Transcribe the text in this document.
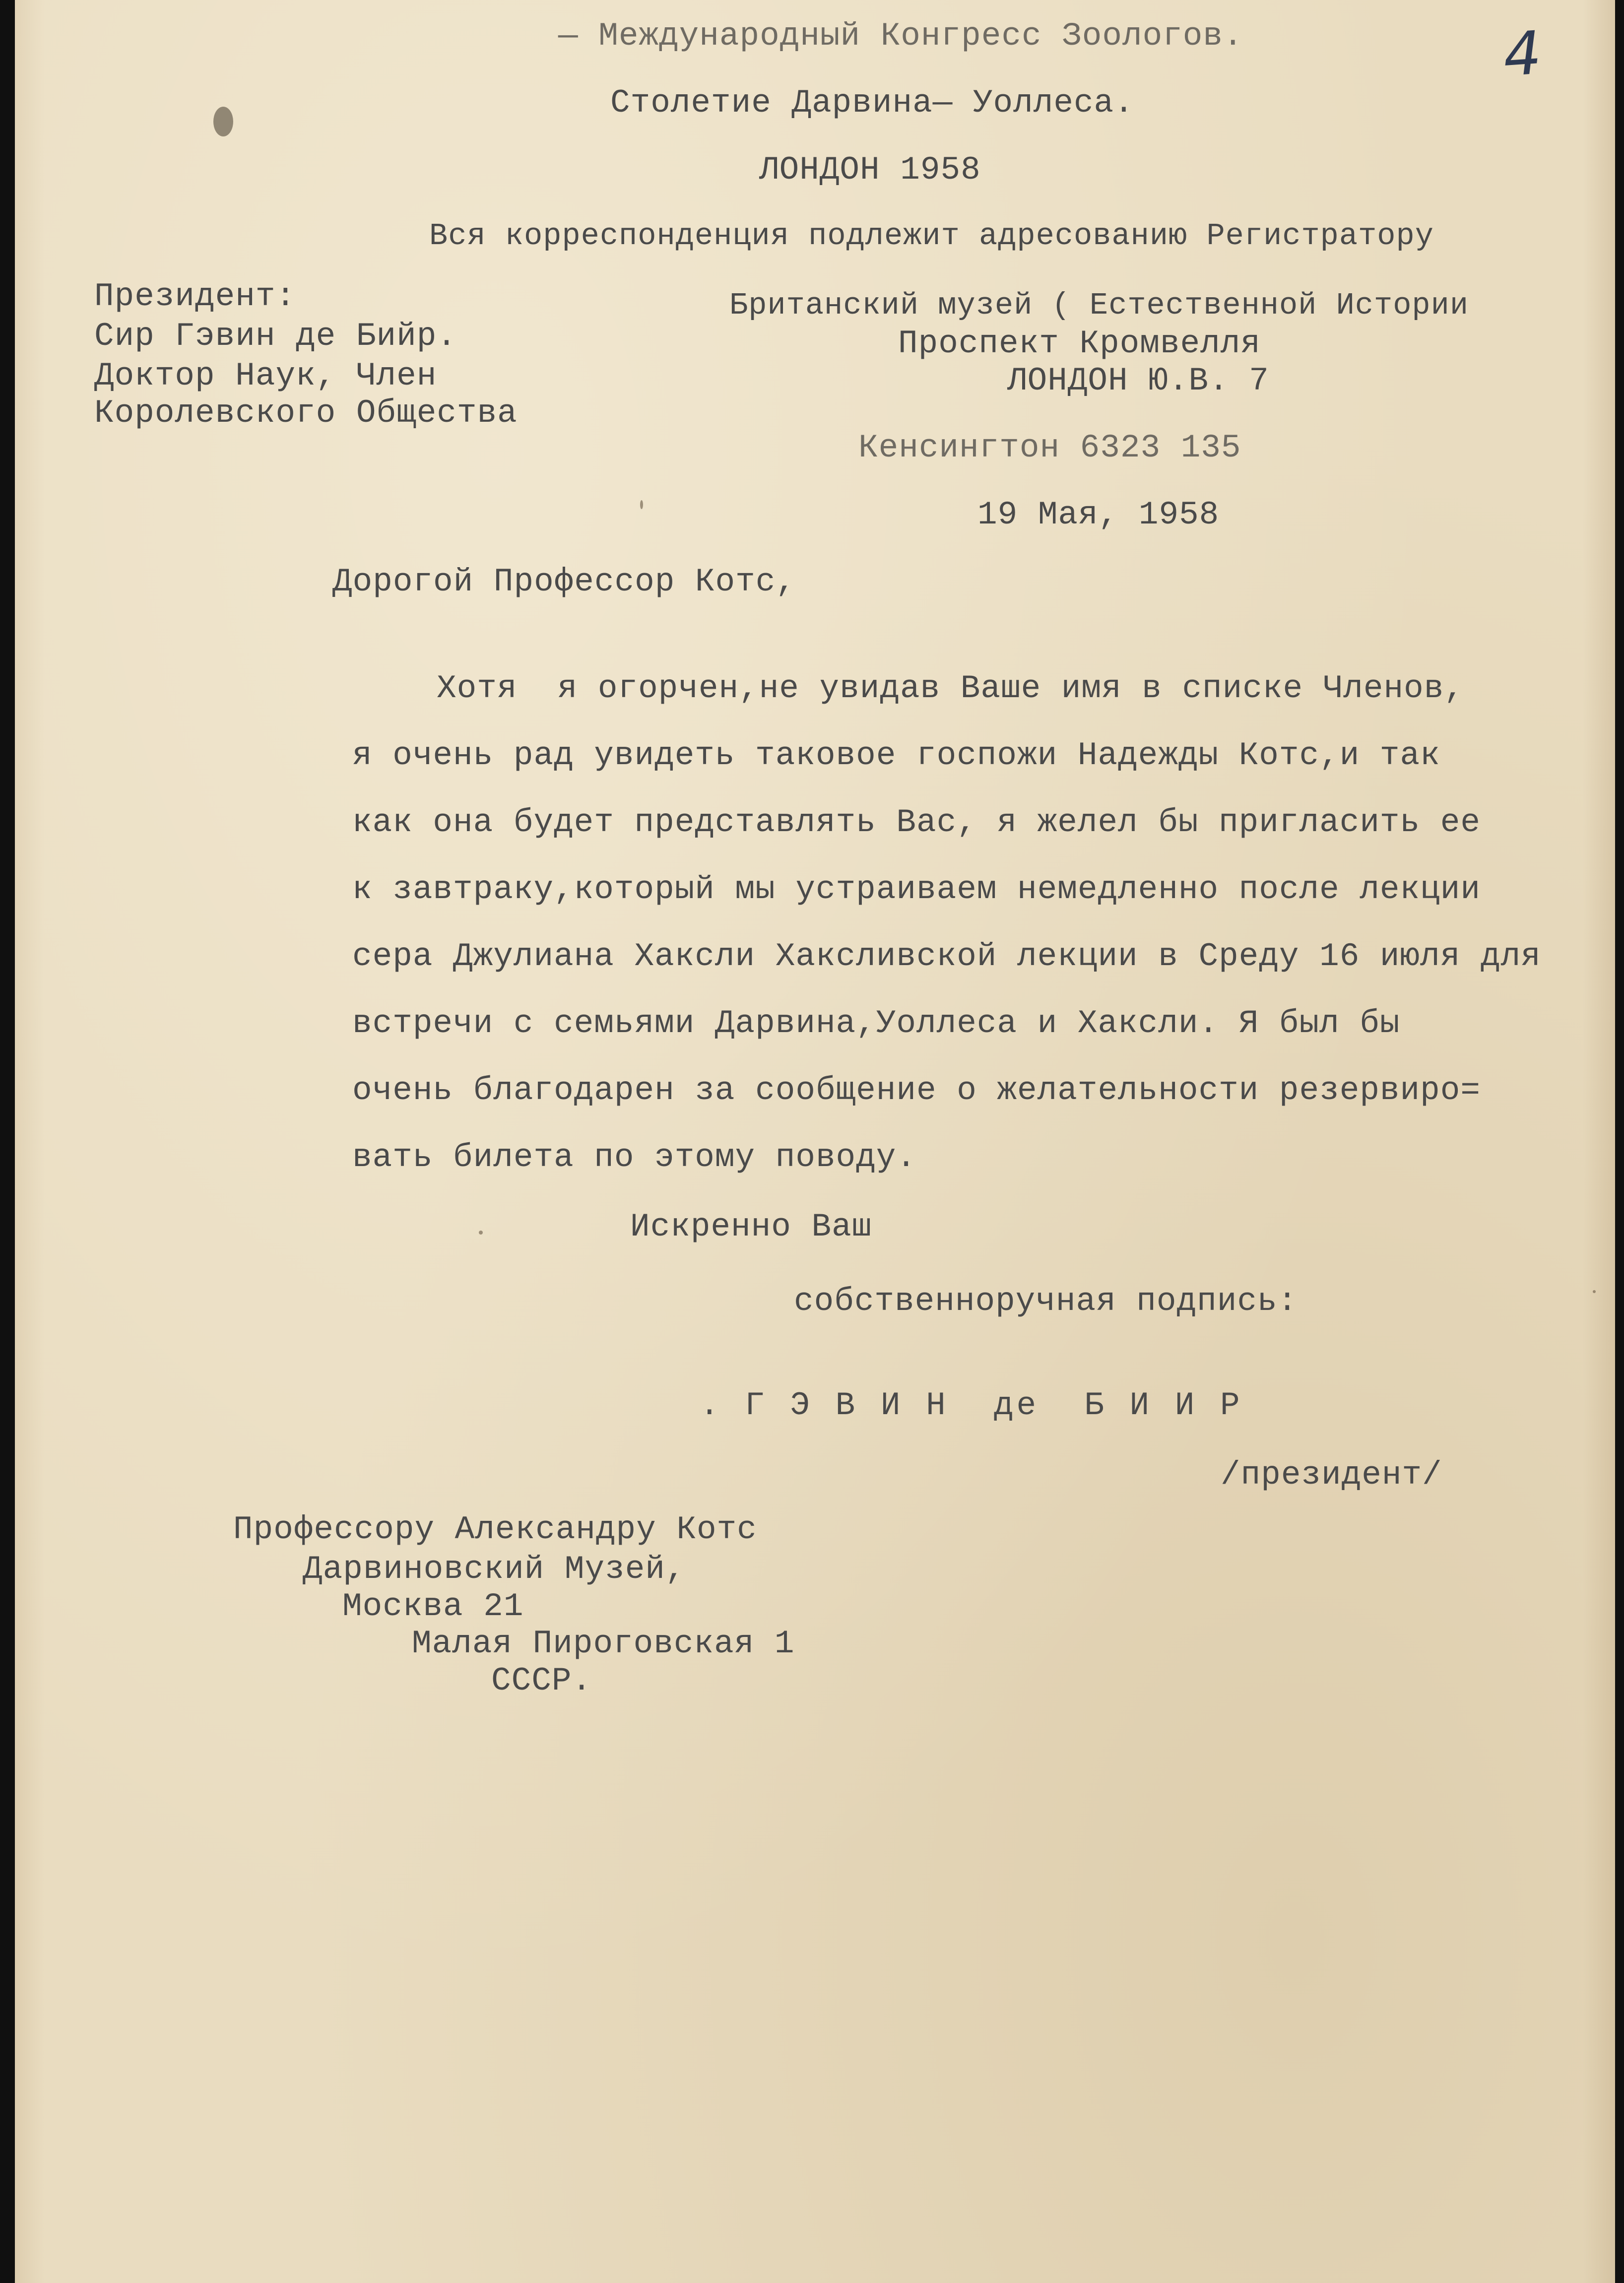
4
— Международный Конгресс Зоологов.
Столетие Дарвина— Уоллеса.
ЛОНДОН 1958
Вся корреспонденция подлежит адресованию Регистратору
Президент:
Сир Гэвин де Бийр.
Доктор Наук, Член
Королевского Общества
Британский музей ( Естественной Истории
Проспект Кромвелля
ЛОНДОН Ю.В. 7
Кенсингтон 6323 135
19 Мая, 1958
Дорогой Профессор Котс,
Хотя  я огорчен,не увидав Ваше имя в списке Членов,
я очень рад увидеть таковое госпожи Надежды Котс,и так
как она будет представлять Вас, я желел бы пригласить ее
к завтраку,который мы устраиваем немедленно после лекции
сера Джулиана Хаксли Хаксливской лекции в Среду 16 июля для
встречи с семьями Дарвина,Уоллеса и Хаксли. Я был бы
очень благодарен за сообщение о желательности резервиро=
вать билета по этому поводу.
Искренно Ваш
собственноручная подпись:
. Г Э В И Н  де  Б И И Р
/президент/
Профессору Александру Котс
Дарвиновский Музей,
Москва 21
Малая Пироговская 1
СССР.
